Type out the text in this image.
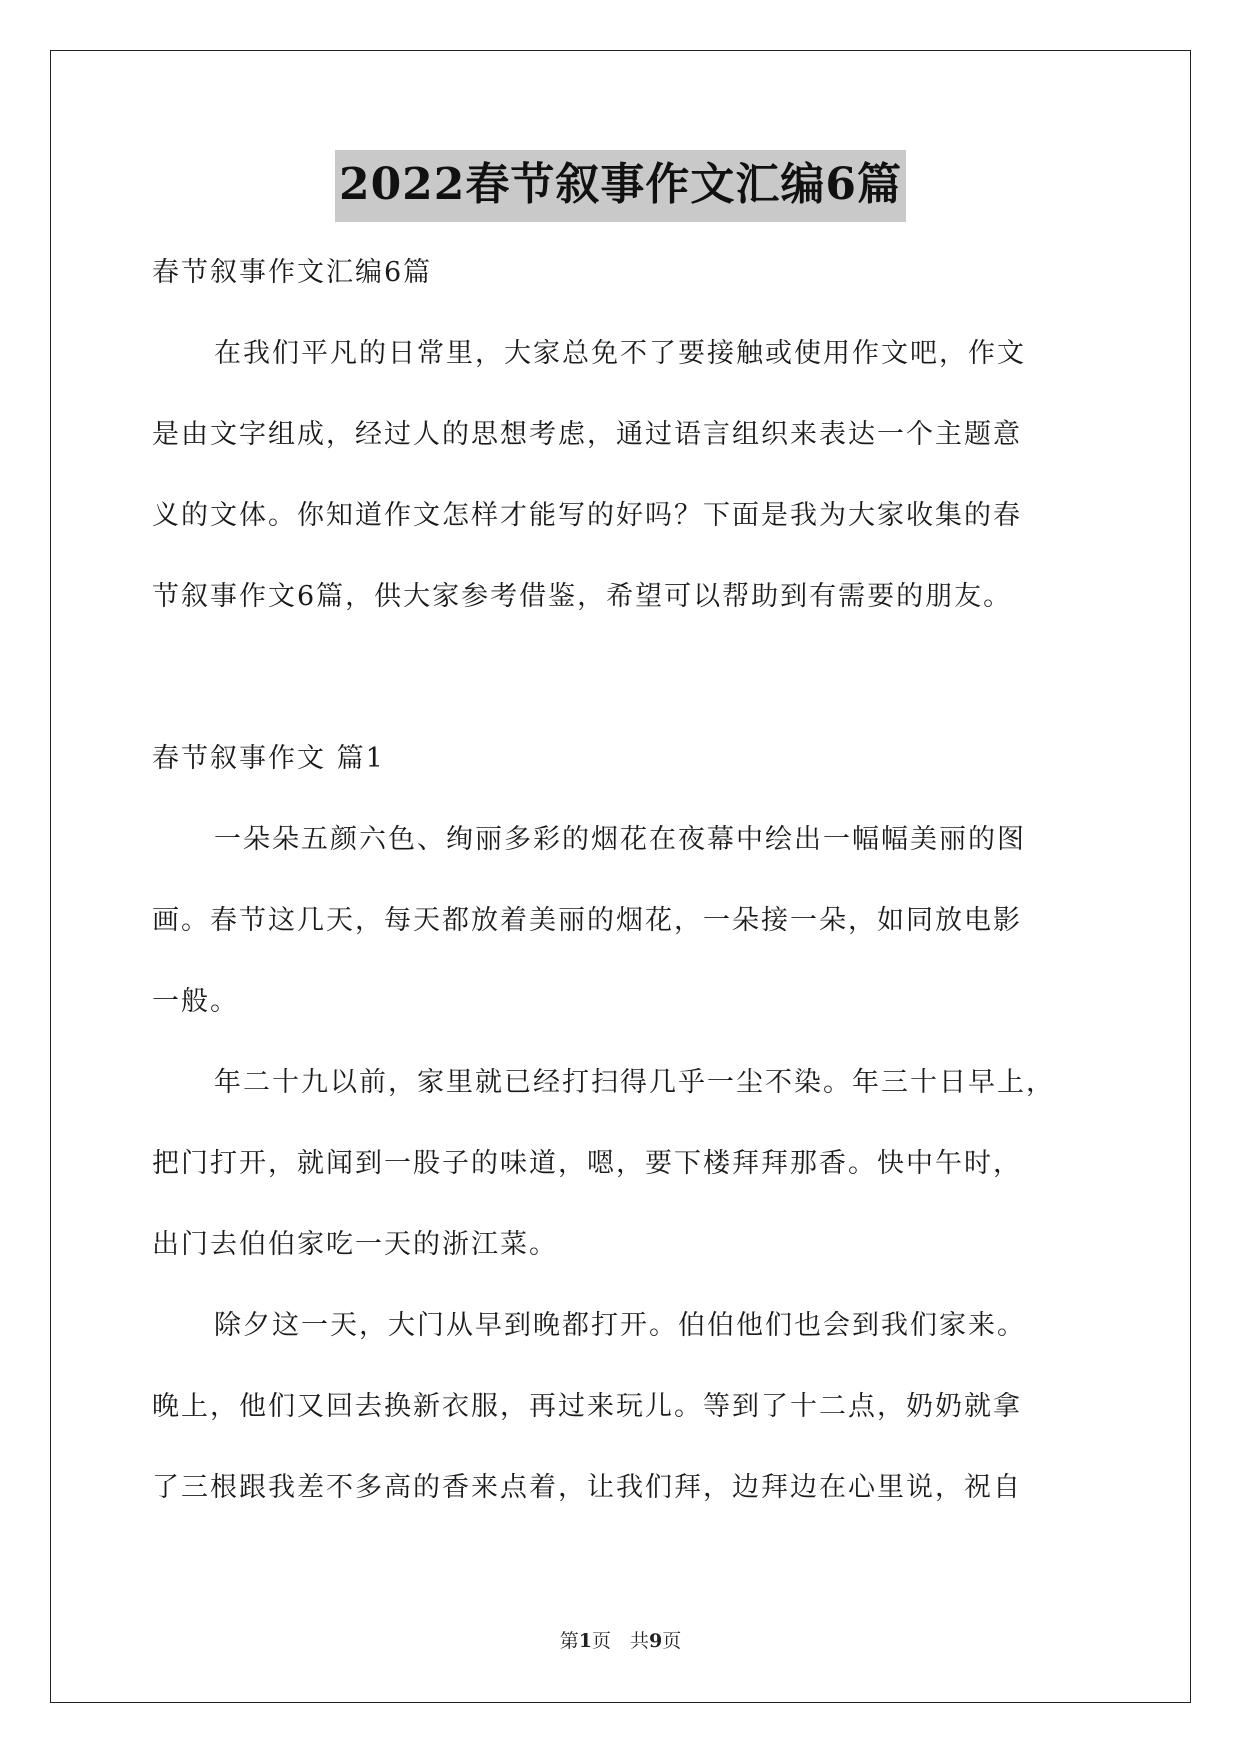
2022春节叙事作文汇编6篇
春节叙事作文汇编6篇
在我们平凡的日常里，大家总免不了要接触或使用作文吧，作文
是由文字组成，经过人的思想考虑，通过语言组织来表达一个主题意
义的文体。你知道作文怎样才能写的好吗？下面是我为大家收集的春
节叙事作文6篇，供大家参考借鉴，希望可以帮助到有需要的朋友。
春节叙事作文 篇1
一朵朵五颜六色、绚丽多彩的烟花在夜幕中绘出一幅幅美丽的图
画。春节这几天，每天都放着美丽的烟花，一朵接一朵，如同放电影
一般。
年二十九以前，家里就已经打扫得几乎一尘不染。年三十日早上，
把门打开，就闻到一股子的味道，嗯，要下楼拜拜那香。快中午时，
出门去伯伯家吃一天的浙江菜。
除夕这一天，大门从早到晚都打开。伯伯他们也会到我们家来。
晚上，他们又回去换新衣服，再过来玩儿。等到了十二点，奶奶就拿
了三根跟我差不多高的香来点着，让我们拜，边拜边在心里说，祝自
第1页　共9页
